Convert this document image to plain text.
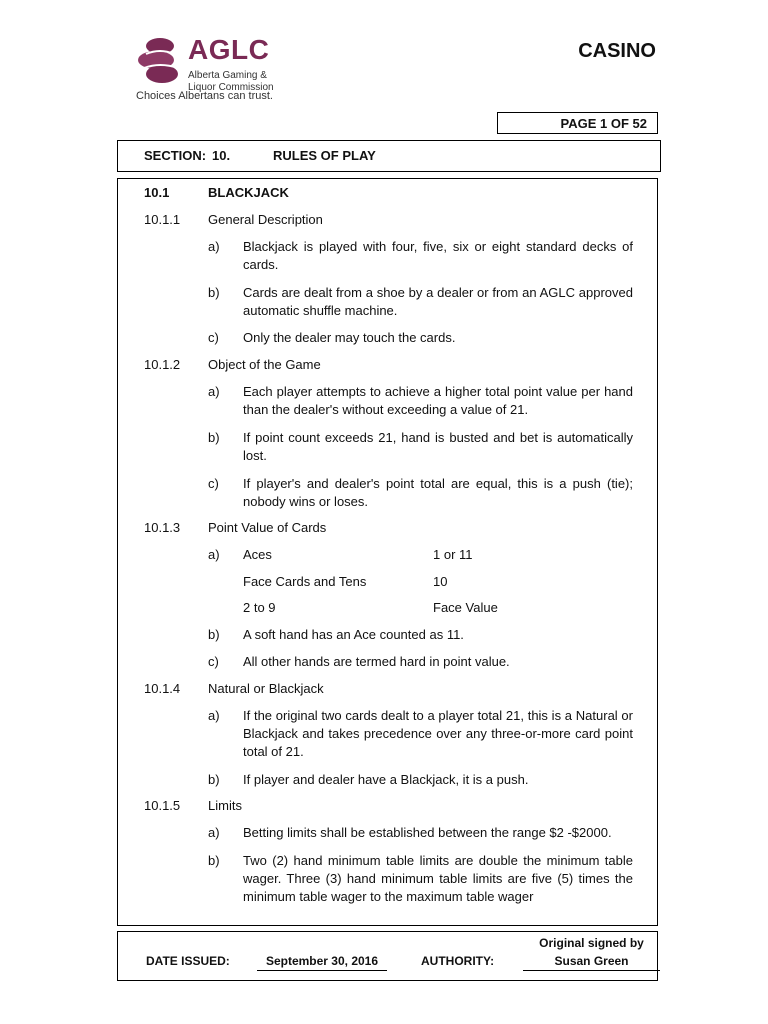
AGLC
Alberta Gaming &
Liquor Commission
Choices Albertans can trust.
CASINO
PAGE 1 OF 52
SECTION: 10.	RULES OF PLAY
10.1	BLACKJACK
10.1.1 General Description
a) Blackjack is played with four, five, six or eight standard decks of cards.
b) Cards are dealt from a shoe by a dealer or from an AGLC approved automatic shuffle machine.
c) Only the dealer may touch the cards.
10.1.2 Object of the Game
a) Each player attempts to achieve a higher total point value per hand than the dealer's without exceeding a value of 21.
b) If point count exceeds 21, hand is busted and bet is automatically lost.
c) If player's and dealer's point total are equal, this is a push (tie); nobody wins or loses.
10.1.3 Point Value of Cards
a) Aces	1 or 11
Face Cards and Tens	10
2 to 9	Face Value
b) A soft hand has an Ace counted as 11.
c) All other hands are termed hard in point value.
10.1.4 Natural or Blackjack
a) If the original two cards dealt to a player total 21, this is a Natural or Blackjack and takes precedence over any three-or-more card point total of 21.
b) If player and dealer have a Blackjack, it is a push.
10.1.5 Limits
a) Betting limits shall be established between the range $2 -$2000.
b) Two (2) hand minimum table limits are double the minimum table wager. Three (3) hand minimum table limits are five (5) times the minimum table wager to the maximum table wager
DATE ISSUED:	September 30, 2016	AUTHORITY:
Original signed by
Susan Green
